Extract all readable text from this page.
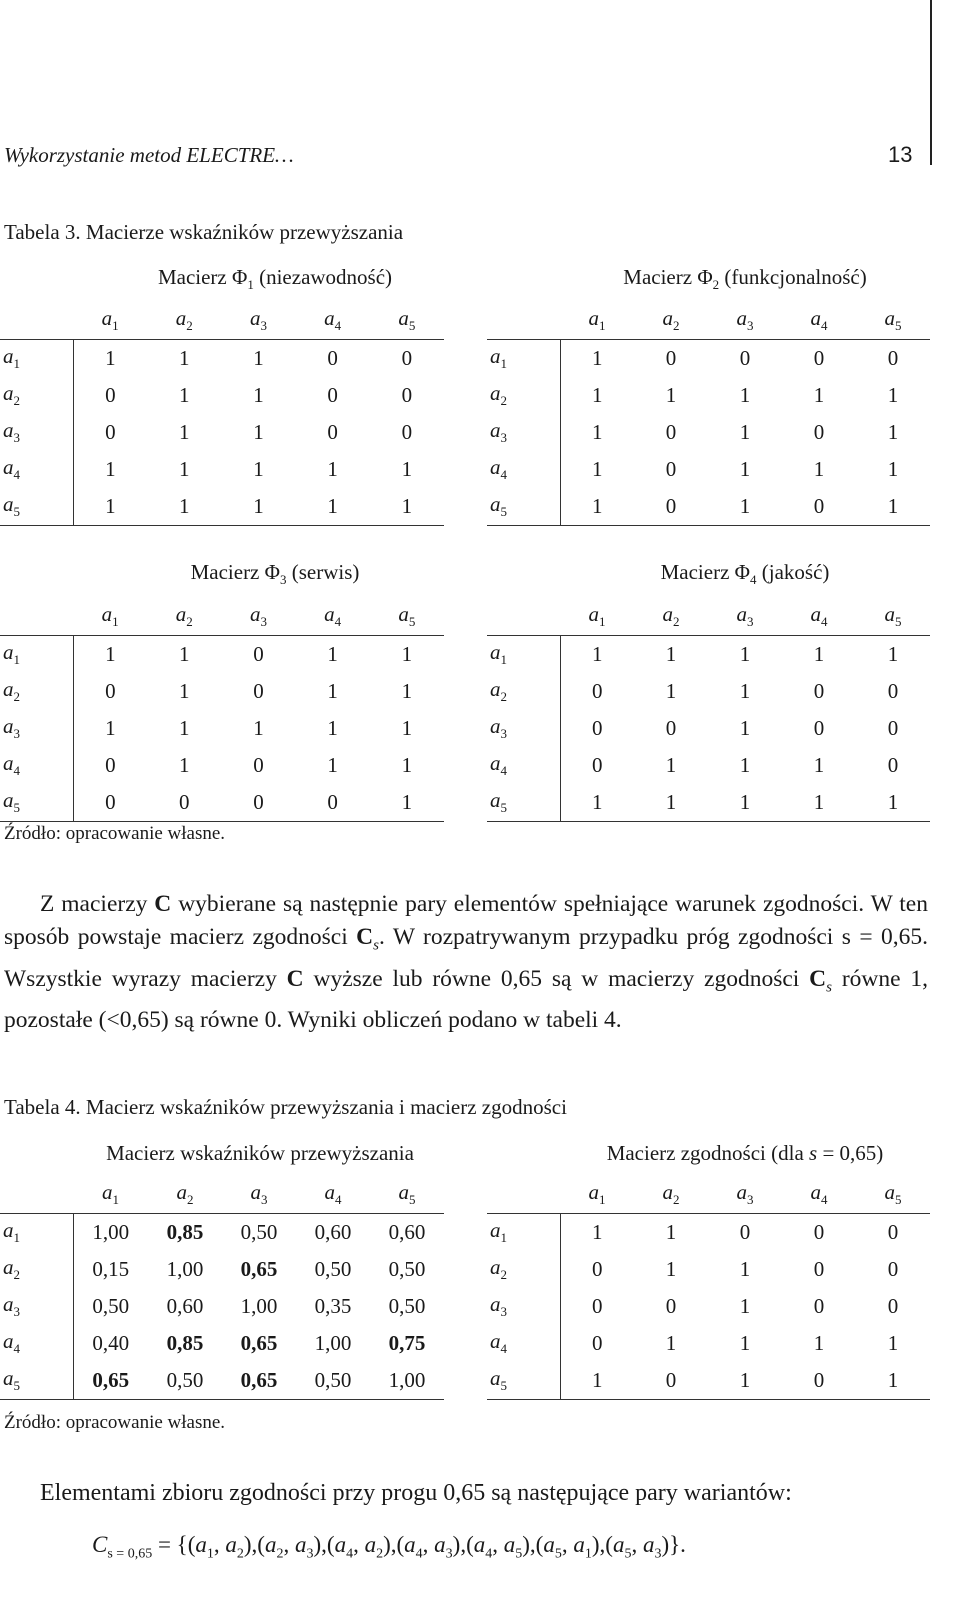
Wykorzystanie metod ELECTRE…	13
Tabela 3. Macierze wskaźników przewyższania
Macierz $\Phi_1$ (niezawodność)	Macierz $\Phi_2$ (funkcjonalność)
Macierz $\Phi_3$ (serwis)	Macierz $\Phi_4$ (jakość)
	$a_1$	$a_2$	$a_3$	$a_4$	$a_5$
$a_1$	1	1	1	0	0
$a_2$	0	1	1	0	0
$a_3$	0	1	1	0	0
$a_4$	1	1	1	1	1
$a_5$	1	1	1	1	1
	$a_1$	$a_2$	$a_3$	$a_4$	$a_5$
$a_1$	1	0	0	0	0
$a_2$	1	1	1	1	1
$a_3$	1	0	1	0	1
$a_4$	1	0	1	1	1
$a_5$	1	0	1	0	1
	$a_1$	$a_2$	$a_3$	$a_4$	$a_5$
$a_1$	1	1	0	1	1
$a_2$	0	1	0	1	1
$a_3$	1	1	1	1	1
$a_4$	0	1	0	1	1
$a_5$	0	0	0	0	1
	$a_1$	$a_2$	$a_3$	$a_4$	$a_5$
$a_1$	1	1	1	1	1
$a_2$	0	1	1	0	0
$a_3$	0	0	1	0	0
$a_4$	0	1	1	1	0
$a_5$	1	1	1	1	1
Źródło: opracowanie własne.

Z macierzy C wybierane są następnie pary elementów spełniające warunek zgodności. W ten sposób powstaje macierz zgodności $C_s$. W rozpatrywanym przypadku próg zgodności s = 0,65. Wszystkie wyrazy macierzy C wyższe lub równe 0,65 są w macierzy zgodności $C_s$ równe 1, pozostałe (<0,65) są równe 0. Wyniki obliczeń podano w tabeli 4.

Tabela 4. Macierz wskaźników przewyższania i macierz zgodności
Macierz wskaźników przewyższania	Macierz zgodności (dla s = 0,65)
	$a_1$	$a_2$	$a_3$	$a_4$	$a_5$
$a_1$	1,00	0,85	0,50	0,60	0,60
$a_2$	0,15	1,00	0,65	0,50	0,50
$a_3$	0,50	0,60	1,00	0,35	0,50
$a_4$	0,40	0,85	0,65	1,00	0,75
$a_5$	0,65	0,50	0,65	0,50	1,00
	$a_1$	$a_2$	$a_3$	$a_4$	$a_5$
$a_1$	1	1	0	0	0
$a_2$	0	1	1	0	0
$a_3$	0	0	1	0	0
$a_4$	0	1	1	1	1
$a_5$	1	0	1	0	1
Źródło: opracowanie własne.
Elementami zbioru zgodności przy progu 0,65 są następujące pary wariantów:
$C_{s = 0,65} = \{(a_1$, $a_2),(a_2$, $a_3),(a_4$, $a_2),(a_4$, $a_3),(a_4$, $a_5),(a_5$, $a_1),(a_5$, $a_3$)}.
